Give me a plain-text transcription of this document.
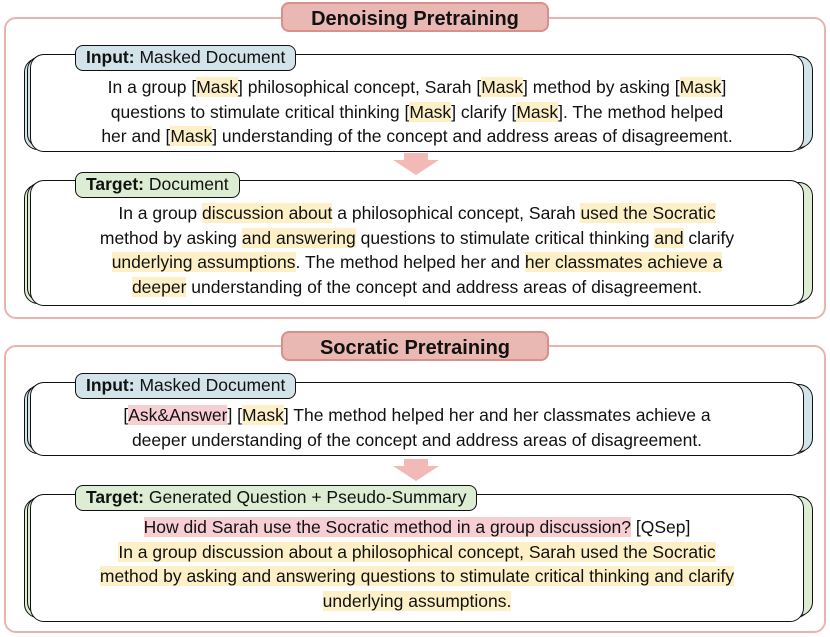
Denoising Pretraining
In a group [Mask] philosophical concept, Sarah [Mask] method by asking [Mask]
questions to stimulate critical thinking [Mask] clarify [Mask]. The method helped
her and [Mask] understanding of the concept and address areas of disagreement.
Input: Masked Document
In a group discussion about a philosophical concept, Sarah used the Socratic
method by asking and answering questions to stimulate critical thinking and clarify
underlying assumptions. The method helped her and her classmates achieve a
deeper understanding of the concept and address areas of disagreement.
Target: Document
Socratic Pretraining
[Ask&Answer] [Mask] The method helped her and her classmates achieve a
deeper understanding of the concept and address areas of disagreement.
Input: Masked Document
How did Sarah use the Socratic method in a group discussion? [QSep]
In a group discussion about a philosophical concept, Sarah used the Socratic
method by asking and answering questions to stimulate critical thinking and clarify
underlying assumptions.
Target: Generated Question + Pseudo-Summary
